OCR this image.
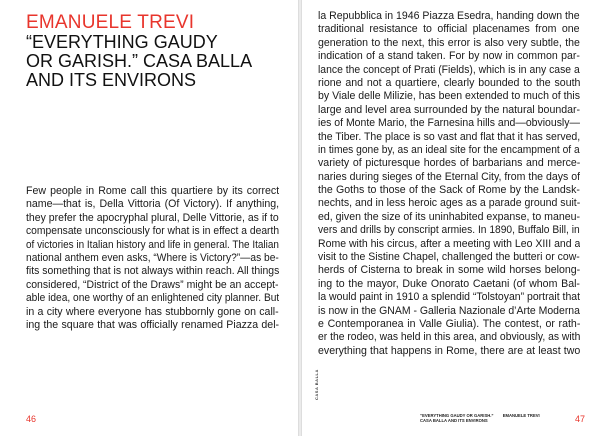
EMANUELE TREVI
“EVERYTHING GAUDY
OR GARISH.” CASA BALLA
AND ITS ENVIRONS
Few people in Rome call this quartiere by its correct
name—that is, Della Vittoria (Of Victory). If anything,
they prefer the apocryphal plural, Delle Vittorie, as if to
compensate unconsciously for what is in effect a dearth
of victories in Italian history and life in general. The Italian
national anthem even asks, “Where is Victory?”—as be-
fits something that is not always within reach. All things
considered, “District of the Draws” might be an accept-
able idea, one worthy of an enlightened city planner. But
in a city where everyone has stubbornly gone on call-
ing the square that was officially renamed Piazza del-
46
la Repubblica in 1946 Piazza Esedra, handing down the
traditional resistance to official placenames from one
generation to the next, this error is also very subtle, the
indication of a stand taken. For by now in common par-
lance the concept of Prati (Fields), which is in any case a
rione and not a quartiere, clearly bounded to the south
by Viale delle Milizie, has been extended to much of this
large and level area surrounded by the natural boundar-
ies of Monte Mario, the Farnesina hills and—obviously—
the Tiber. The place is so vast and flat that it has served,
in times gone by, as an ideal site for the encampment of a
variety of picturesque hordes of barbarians and merce-
naries during sieges of the Eternal City, from the days of
the Goths to those of the Sack of Rome by the Landsk-
nechts, and in less heroic ages as a parade ground suit-
ed, given the size of its uninhabited expanse, to maneu-
vers and drills by conscript armies. In 1890, Buffalo Bill, in
Rome with his circus, after a meeting with Leo XIII and a
visit to the Sistine Chapel, challenged the butteri or cow-
herds of Cisterna to break in some wild horses belong-
ing to the mayor, Duke Onorato Caetani (of whom Bal-
la would paint in 1910 a splendid “Tolstoyan” portrait that
is now in the GNAM - Galleria Nazionale d’Arte Moderna
e Contemporanea in Valle Giulia). The contest, or rath-
er the rodeo, was held in this area, and obviously, as with
everything that happens in Rome, there are at least two
CASA BALLA
“EVERYTHING GAUDY OR GARISH.” EMANUELE TREVI
CASA BALLA AND ITS ENVIRONS	47
